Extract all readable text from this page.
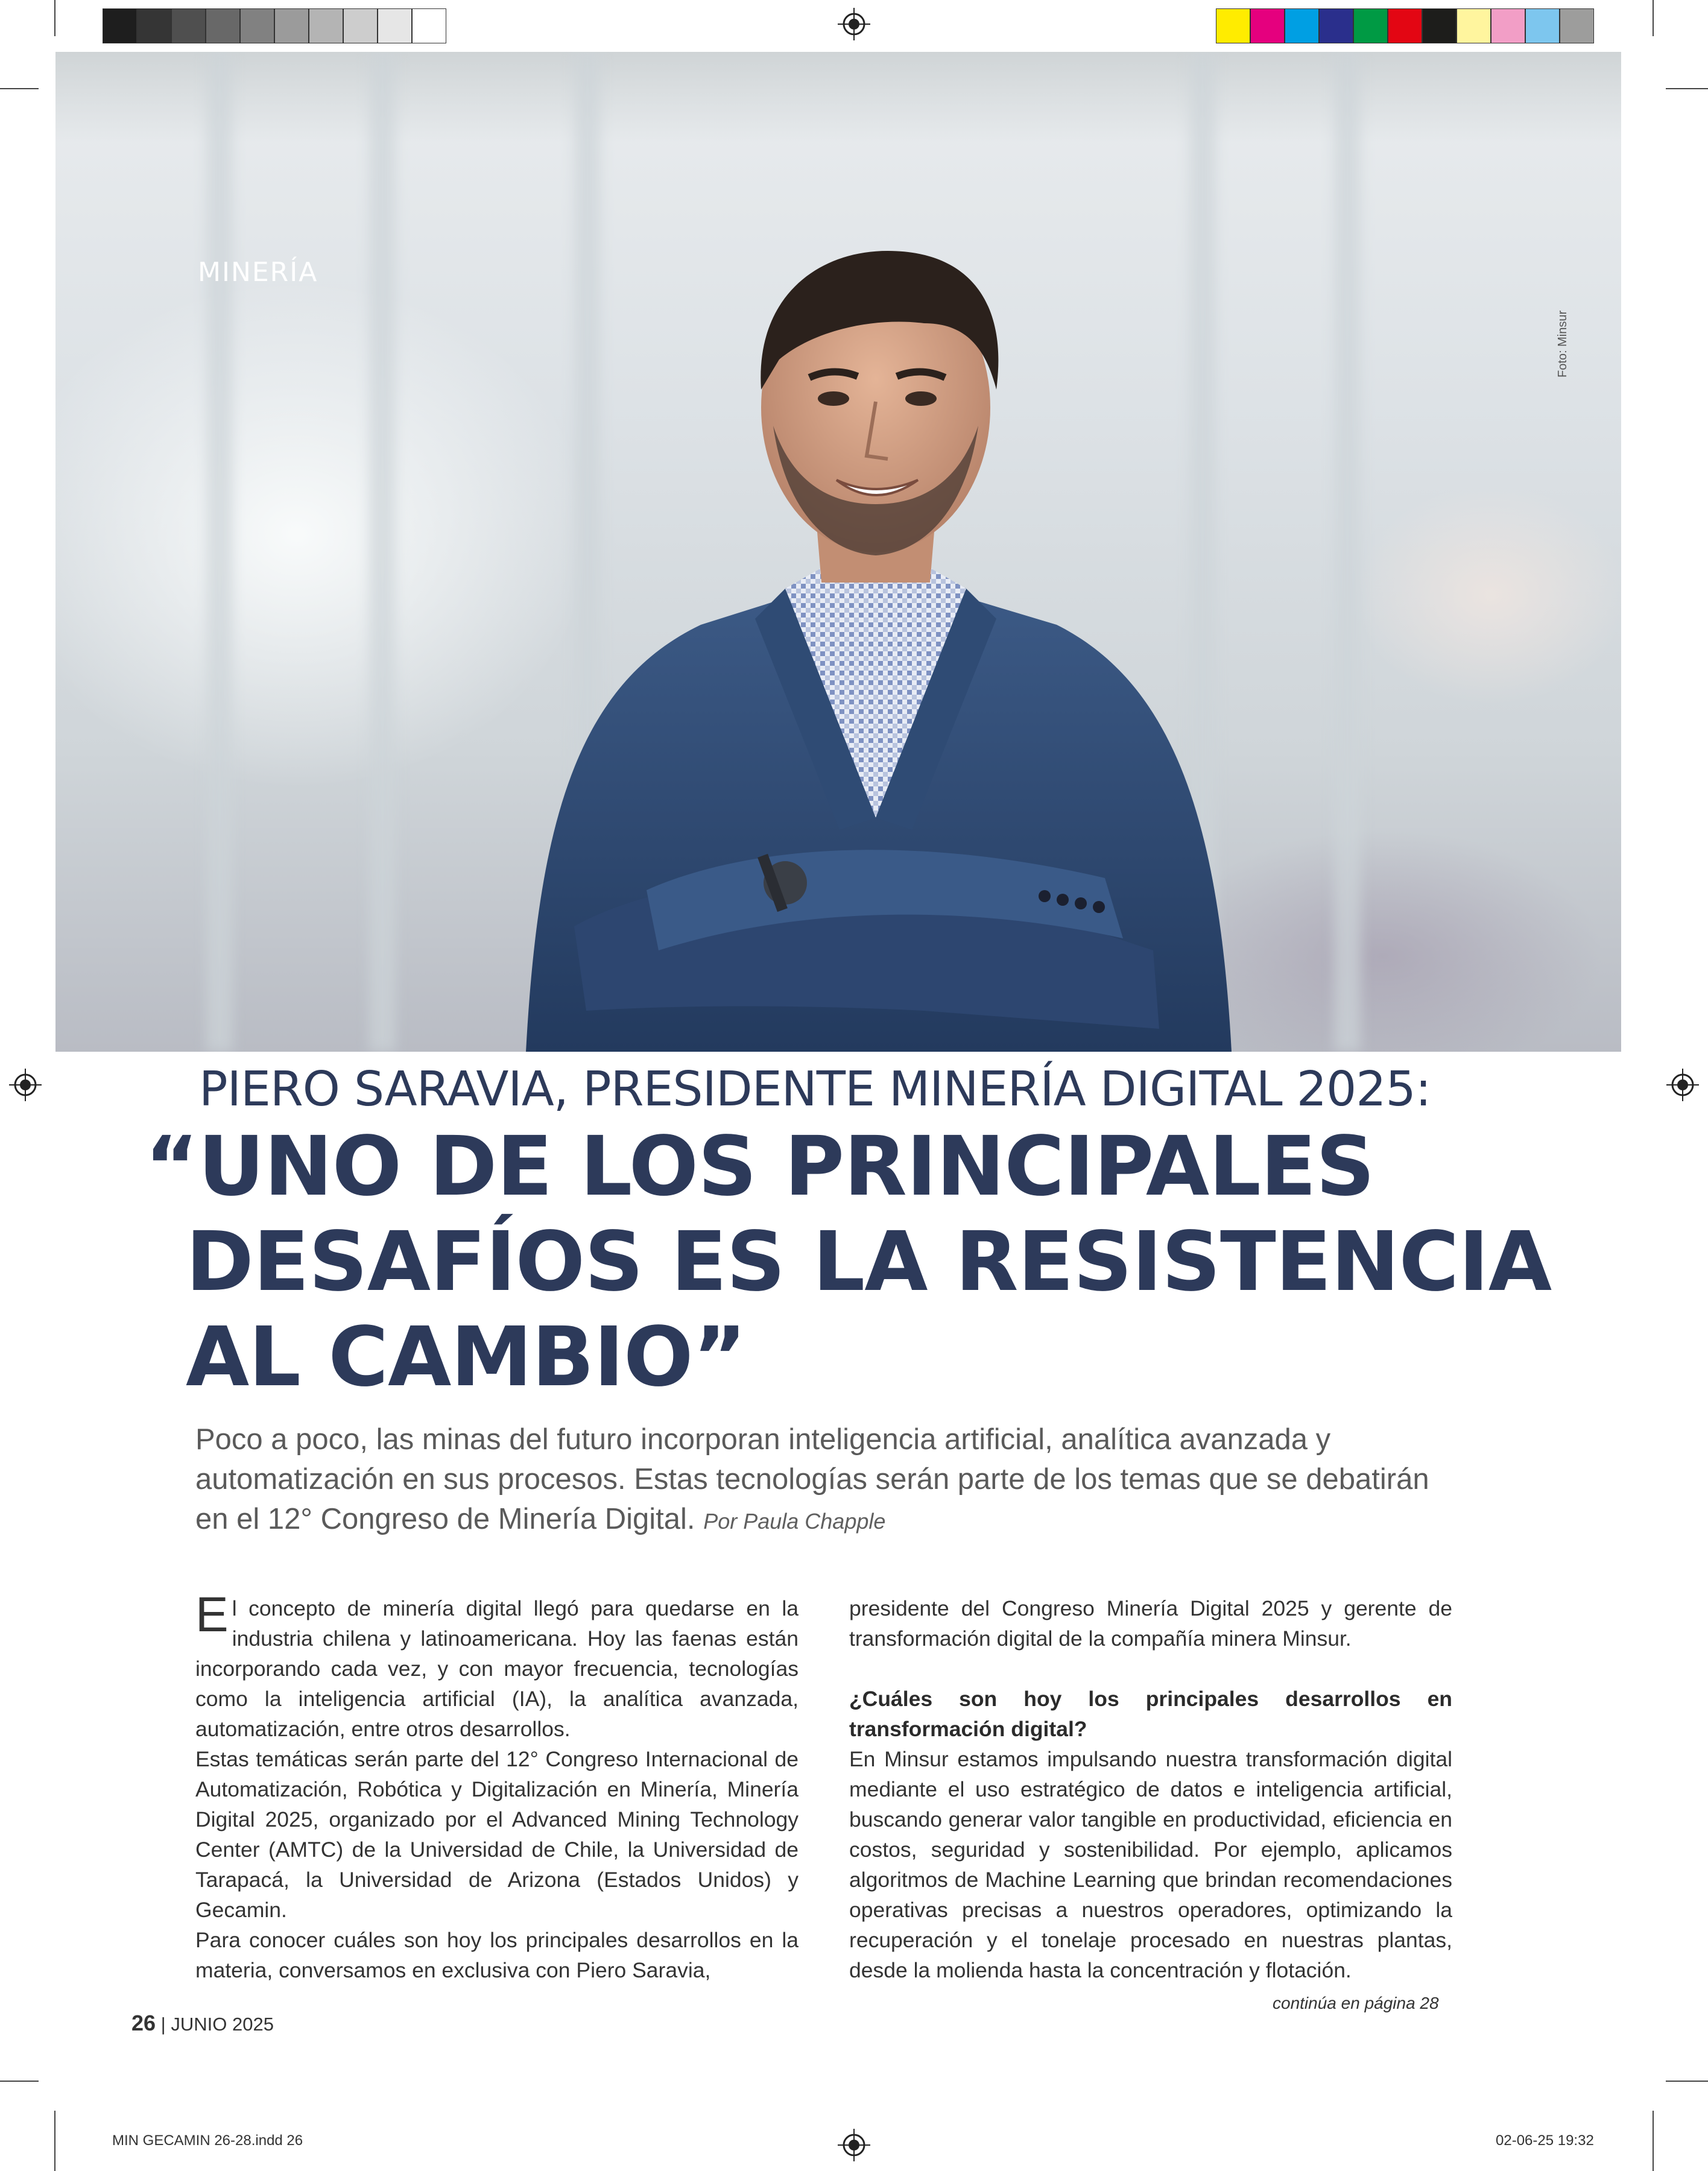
MINERÍA
Foto: Minsur
PIERO SARAVIA, PRESIDENTE MINERÍA DIGITAL 2025:
“UNO DE LOS PRINCIPALES
DESAFÍOS ES LA RESISTENCIA
AL CAMBIO”
Poco a poco, las minas del futuro incorporan inteligencia artificial, analítica avanzada y automatización en sus procesos. Estas tecnologías serán parte de los temas que se debatirán en el 12° Congreso de Minería Digital. Por Paula Chapple

El concepto de minería digital llegó para quedarse en la industria chilena y latinoamericana. Hoy las faenas están incorporando cada vez, y con mayor frecuencia, tecnologías como la inteligencia artificial (IA), la analítica avanzada, automatización, entre otros desarrollos.

Estas temáticas serán parte del 12° Congreso Internacional de Automatización, Robótica y Digitalización en Minería, Minería Digital 2025, organizado por el Advanced Mining Technology Center (AMTC) de la Universidad de Chile, la Universidad de Tarapacá, la Universidad de Arizona (Estados Unidos) y Gecamin.

Para conocer cuáles son hoy los principales desarrollos en la materia, conversamos en exclusiva con Piero Saravia,

presidente del Congreso Minería Digital 2025 y gerente de transformación digital de la compañía minera Minsur.

¿Cuáles son hoy los principales desarrollos en transformación digital?

En Minsur estamos impulsando nuestra transformación digital mediante el uso estratégico de datos e inteligencia artificial, buscando generar valor tangible en productividad, eficiencia en costos, seguridad y sostenibilidad. Por ejemplo, aplicamos algoritmos de Machine Learning que brindan recomendaciones operativas precisas a nuestros operadores, optimizando la recuperación y el tonelaje procesado en nuestras plantas, desde la molienda hasta la concentración y flotación.

continúa en página 28
26 | JUNIO 2025
MIN GECAMIN 26-28.indd 26	02-06-25 19:32
